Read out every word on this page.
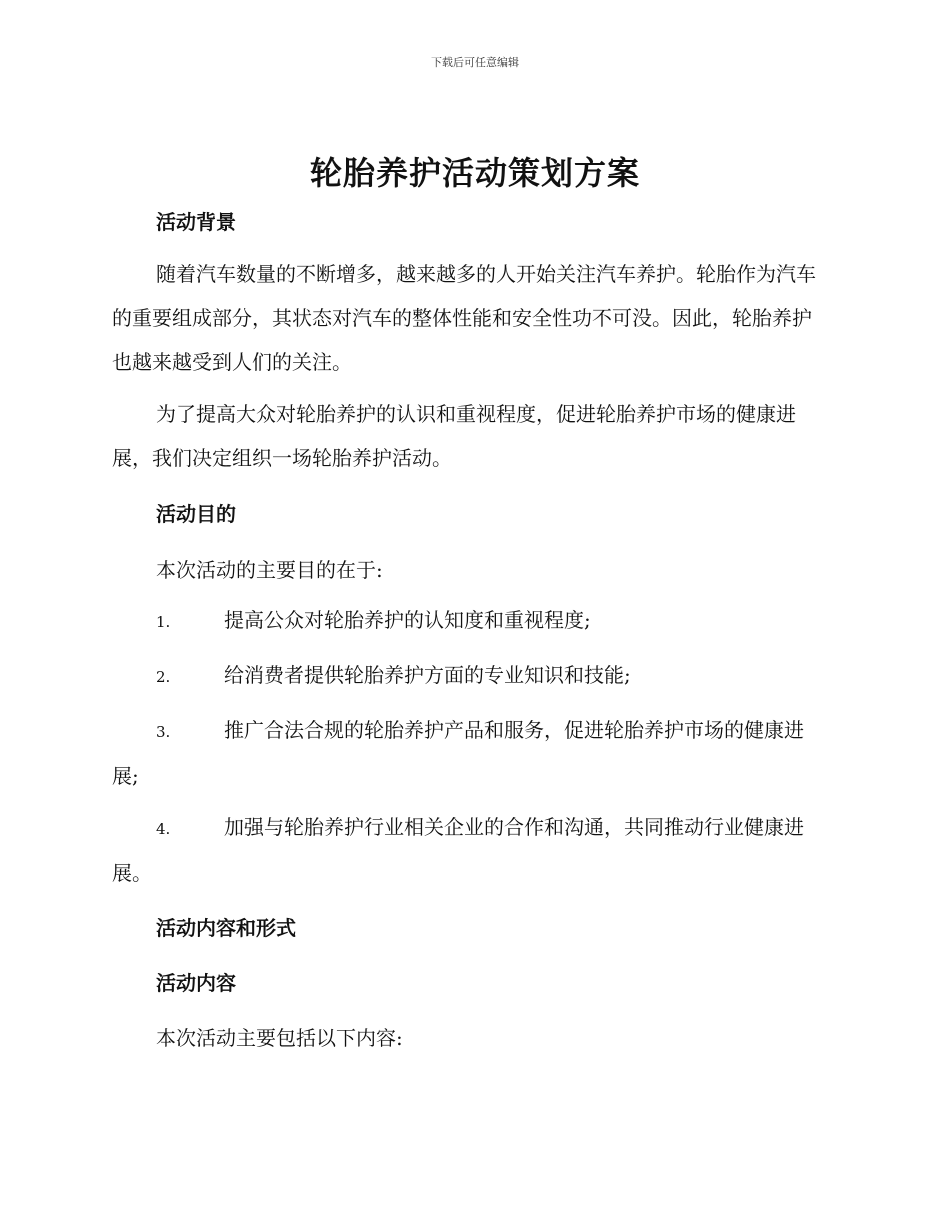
下载后可任意编辑
轮胎养护活动策划方案
活动背景

随着汽车数量的不断增多，越来越多的人开始关注汽车养护。轮胎作为汽车的重要组成部分，其状态对汽车的整体性能和安全性功不可没。因此，轮胎养护也越来越受到人们的关注。

为了提高大众对轮胎养护的认识和重视程度，促进轮胎养护市场的健康进展，我们决定组织一场轮胎养护活动。

活动目的

本次活动的主要目的在于:

1.	提高公众对轮胎养护的认知度和重视程度;
2.	给消费者提供轮胎养护方面的专业知识和技能;
3.	推广合法合规的轮胎养护产品和服务，促进轮胎养护市场的健康进展;
4.	加强与轮胎养护行业相关企业的合作和沟通，共同推动行业健康进展。
活动内容和形式
活动内容

本次活动主要包括以下内容:
